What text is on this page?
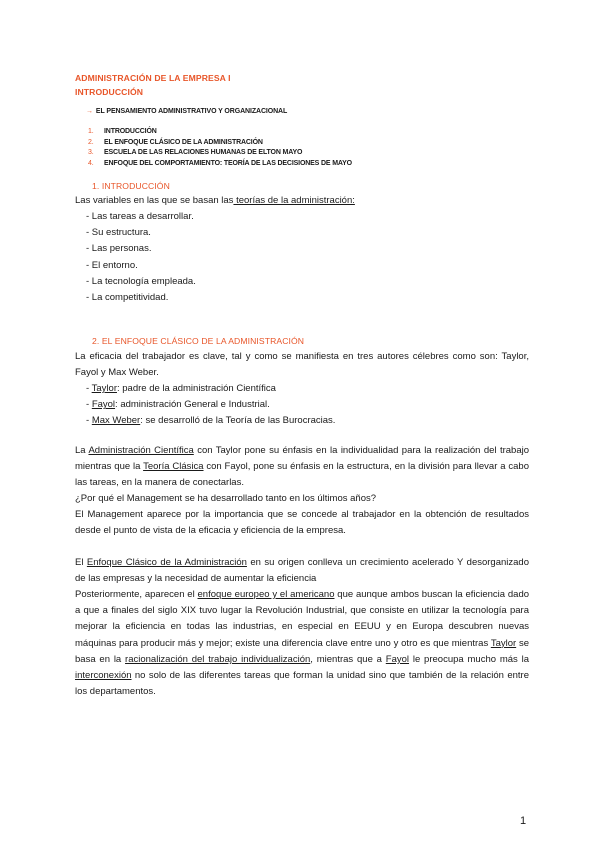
ADMINISTRACIÓN DE LA EMPRESA I
INTRODUCCIÓN
→ EL PENSAMIENTO ADMINISTRATIVO Y ORGANIZACIONAL
1. INTRODUCCIÓN
2. EL ENFOQUE CLÁSICO DE LA ADMINISTRACIÓN
3. ESCUELA DE LAS RELACIONES HUMANAS DE ELTON MAYO
4. ENFOQUE DEL COMPORTAMIENTO: TEORÍA DE LAS DECISIONES DE MAYO
1. INTRODUCCIÓN

Las variables en las que se basan las teorías de la administración:

- Las tareas a desarrollar.
- Su estructura.
- Las personas.
- El entorno.
- La tecnología empleada.
- La competitividad.
2. EL ENFOQUE CLÁSICO DE LA ADMINISTRACIÓN

La eficacia del trabajador es clave, tal y como se manifiesta en tres autores célebres como son: Taylor, Fayol y Max Weber.

- Taylor: padre de la administración Científica
- Fayol: administración General e Industrial.
- Max Weber: se desarrolló de la Teoría de las Burocracias.

La Administración Científica con Taylor pone su énfasis en la individualidad para la realización del trabajo mientras que la Teoría Clásica con Fayol, pone su énfasis en la estructura, en la división para llevar a cabo las tareas, en la manera de conectarlas.

¿Por qué el Management se ha desarrollado tanto en los últimos años?

El Management aparece por la importancia que se concede al trabajador en la obtención de resultados desde el punto de vista de la eficacia y eficiencia de la empresa.

El Enfoque Clásico de la Administración en su origen conlleva un crecimiento acelerado Y desorganizado de las empresas y la necesidad de aumentar la eficiencia

Posteriormente, aparecen el enfoque europeo y el americano que aunque ambos buscan la eficiencia dado a que a finales del siglo XIX tuvo lugar la Revolución Industrial, que consiste en utilizar la tecnología para mejorar la eficiencia en todas las industrias, en especial en EEUU y en Europa descubren nuevas máquinas para producir más y mejor; existe una diferencia clave entre uno y otro es que mientras Taylor se basa en la racionalización del trabajo individualización, mientras que a Fayol le preocupa mucho más la interconexión no solo de las diferentes tareas que forman la unidad sino que también de la relación entre los departamentos.

1
